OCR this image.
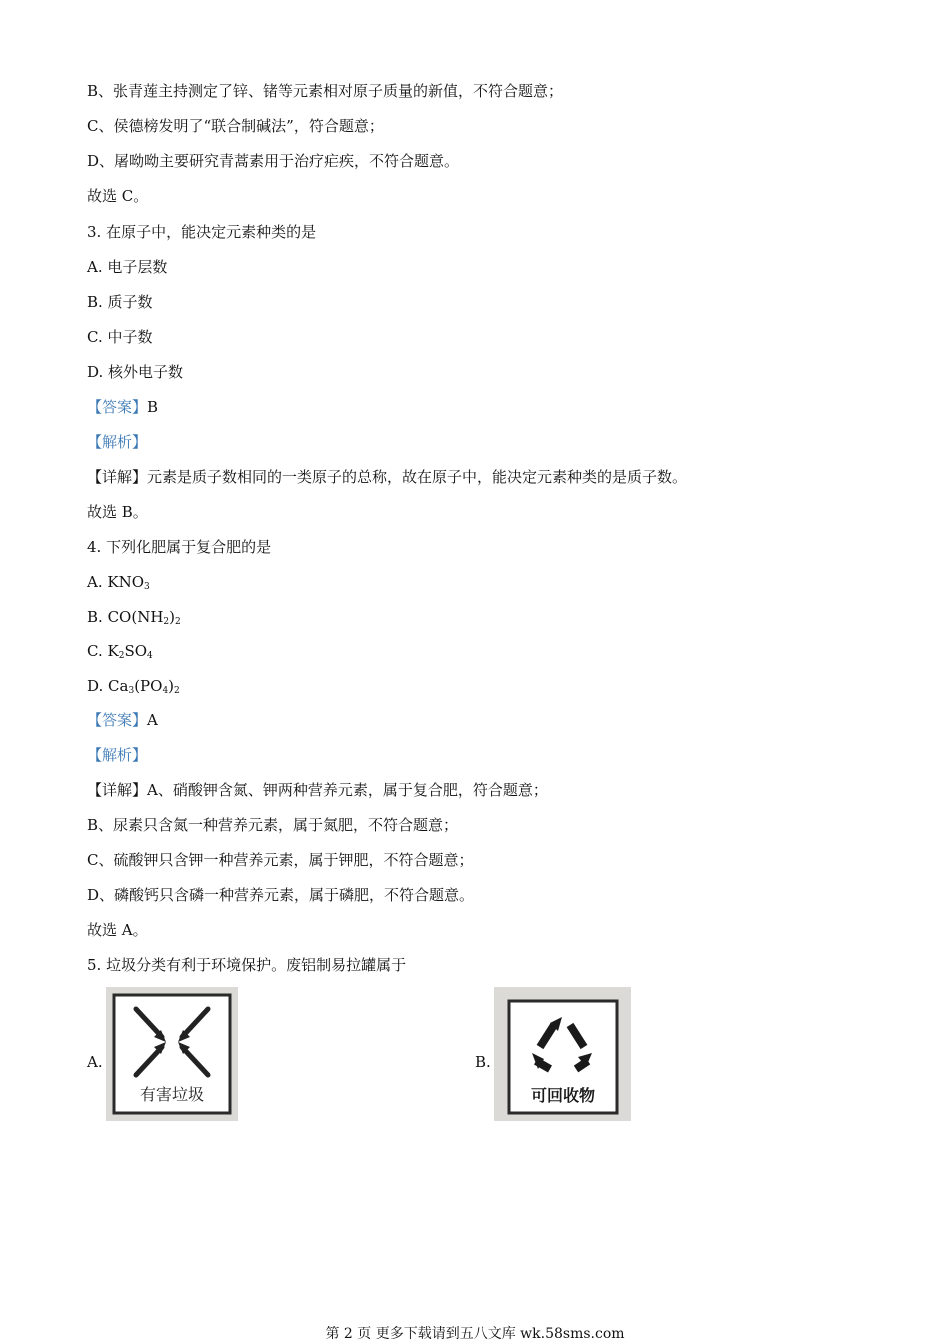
B、张青莲主持测定了锌、锗等元素相对原子质量的新值，不符合题意；
C、侯德榜发明了“联合制碱法”，符合题意；
D、屠呦呦主要研究青蒿素用于治疗疟疾，不符合题意。
故选 C。
3. 在原子中，能决定元素种类的是
A. 电子层数
B. 质子数
C. 中子数
D. 核外电子数
【答案】B
【解析】
【详解】元素是质子数相同的一类原子的总称，故在原子中，能决定元素种类的是质子数。
故选 B。
4. 下列化肥属于复合肥的是
A. $KNO_3$
B. $CO(NH_2)_2$
C. $K_2SO_4$
D. $Ca_3(PO_4)_2$
【答案】A
【解析】
【详解】A、硝酸钾含氮、钾两种营养元素，属于复合肥，符合题意；
B、尿素只含氮一种营养元素，属于氮肥，不符合题意；
C、硫酸钾只含钾一种营养元素，属于钾肥，不符合题意；
D、磷酸钙只含磷一种营养元素，属于磷肥，不符合题意。
故选 A。
5. 垃圾分类有利于环境保护。废铝制易拉罐属于
A.
有害垃圾
B.
可回收物
第 2 页 更多下载请到五八文库 wk.58sms.com
